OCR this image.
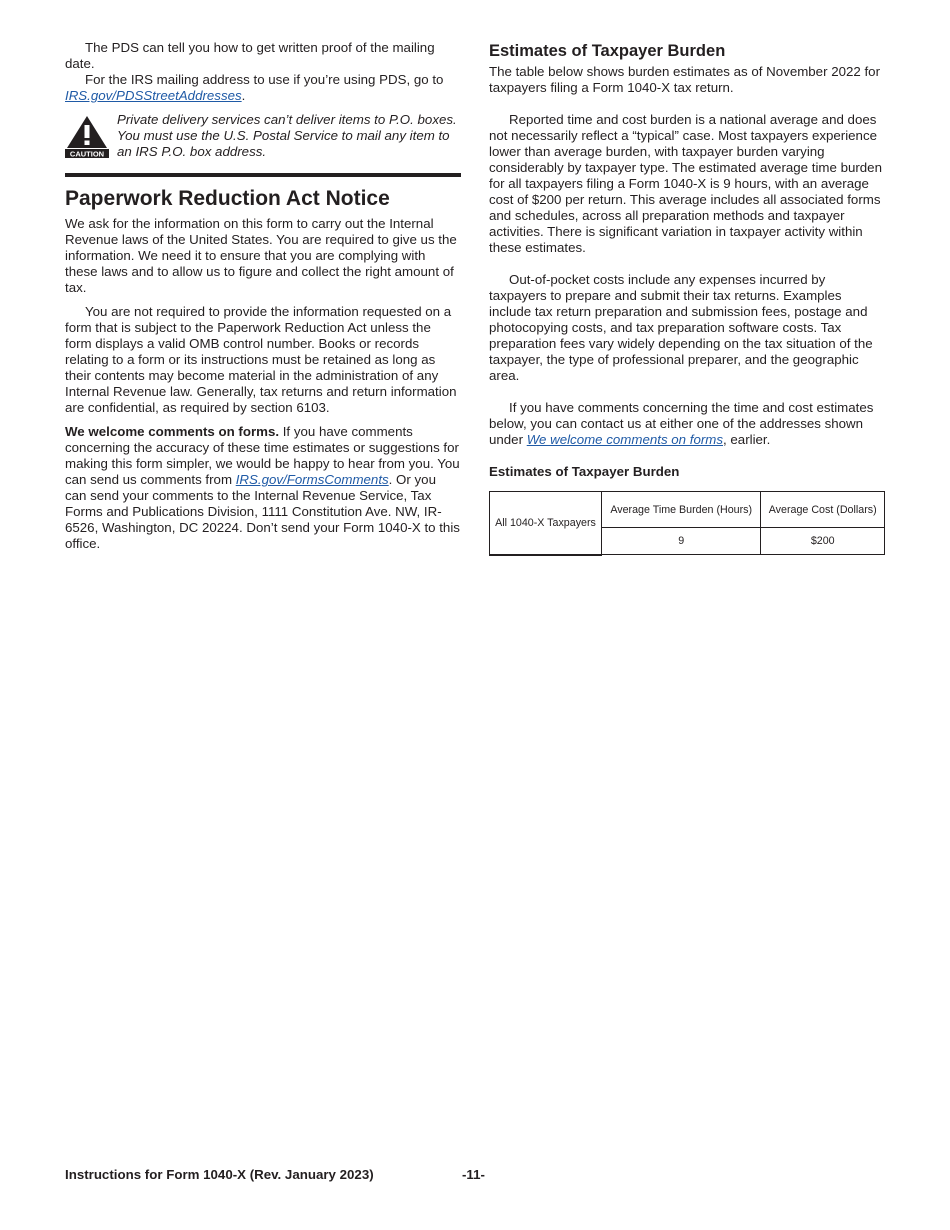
The PDS can tell you how to get written proof of the mailing date.

For the IRS mailing address to use if you’re using PDS, go to IRS.gov/PDSStreetAddresses.

CAUTION
Private delivery services can’t deliver items to P.O. boxes. You must use the U.S. Postal Service to mail any item to an IRS P.O. box address.
Paperwork Reduction Act Notice

We ask for the information on this form to carry out the Internal Revenue laws of the United States. You are required to give us the information. We need it to ensure that you are complying with these laws and to allow us to figure and collect the right amount of tax.

You are not required to provide the information requested on a form that is subject to the Paperwork Reduction Act unless the form displays a valid OMB control number. Books or records relating to a form or its instructions must be retained as long as their contents may become material in the administration of any Internal Revenue law. Generally, tax returns and return information are confidential, as required by section 6103.

We welcome comments on forms. If you have comments concerning the accuracy of these time estimates or suggestions for making this form simpler, we would be happy to hear from you. You can send us comments from IRS.gov/FormsComments. Or you can send your comments to the Internal Revenue Service, Tax Forms and Publications Division, 1111 Constitution Ave. NW, IR-6526, Washington, DC 20224. Don’t send your Form 1040-X to this office.

Estimates of Taxpayer Burden

The table below shows burden estimates as of November 2022 for taxpayers filing a Form 1040-X tax return.

Reported time and cost burden is a national average and does not necessarily reflect a “typical” case. Most taxpayers experience lower than average burden, with taxpayer burden varying considerably by taxpayer type. The estimated average time burden for all taxpayers filing a Form 1040-X is 9 hours, with an average cost of $200 per return. This average includes all associated forms and schedules, across all preparation methods and taxpayer activities. There is significant variation in taxpayer activity within these estimates.

Out-of-pocket costs include any expenses incurred by taxpayers to prepare and submit their tax returns. Examples include tax return preparation and submission fees, postage and photocopying costs, and tax preparation software costs. Tax preparation fees vary widely depending on the tax situation of the taxpayer, the type of professional preparer, and the geographic area.

If you have comments concerning the time and cost estimates below, you can contact us at either one of the addresses shown under We welcome comments on forms, earlier.

Estimates of Taxpayer Burden
All 1040-X Taxpayers	Average Time Burden (Hours)	Average Cost (Dollars)
	9	$200
Instructions for Form 1040-X (Rev. January 2023)	-11-
